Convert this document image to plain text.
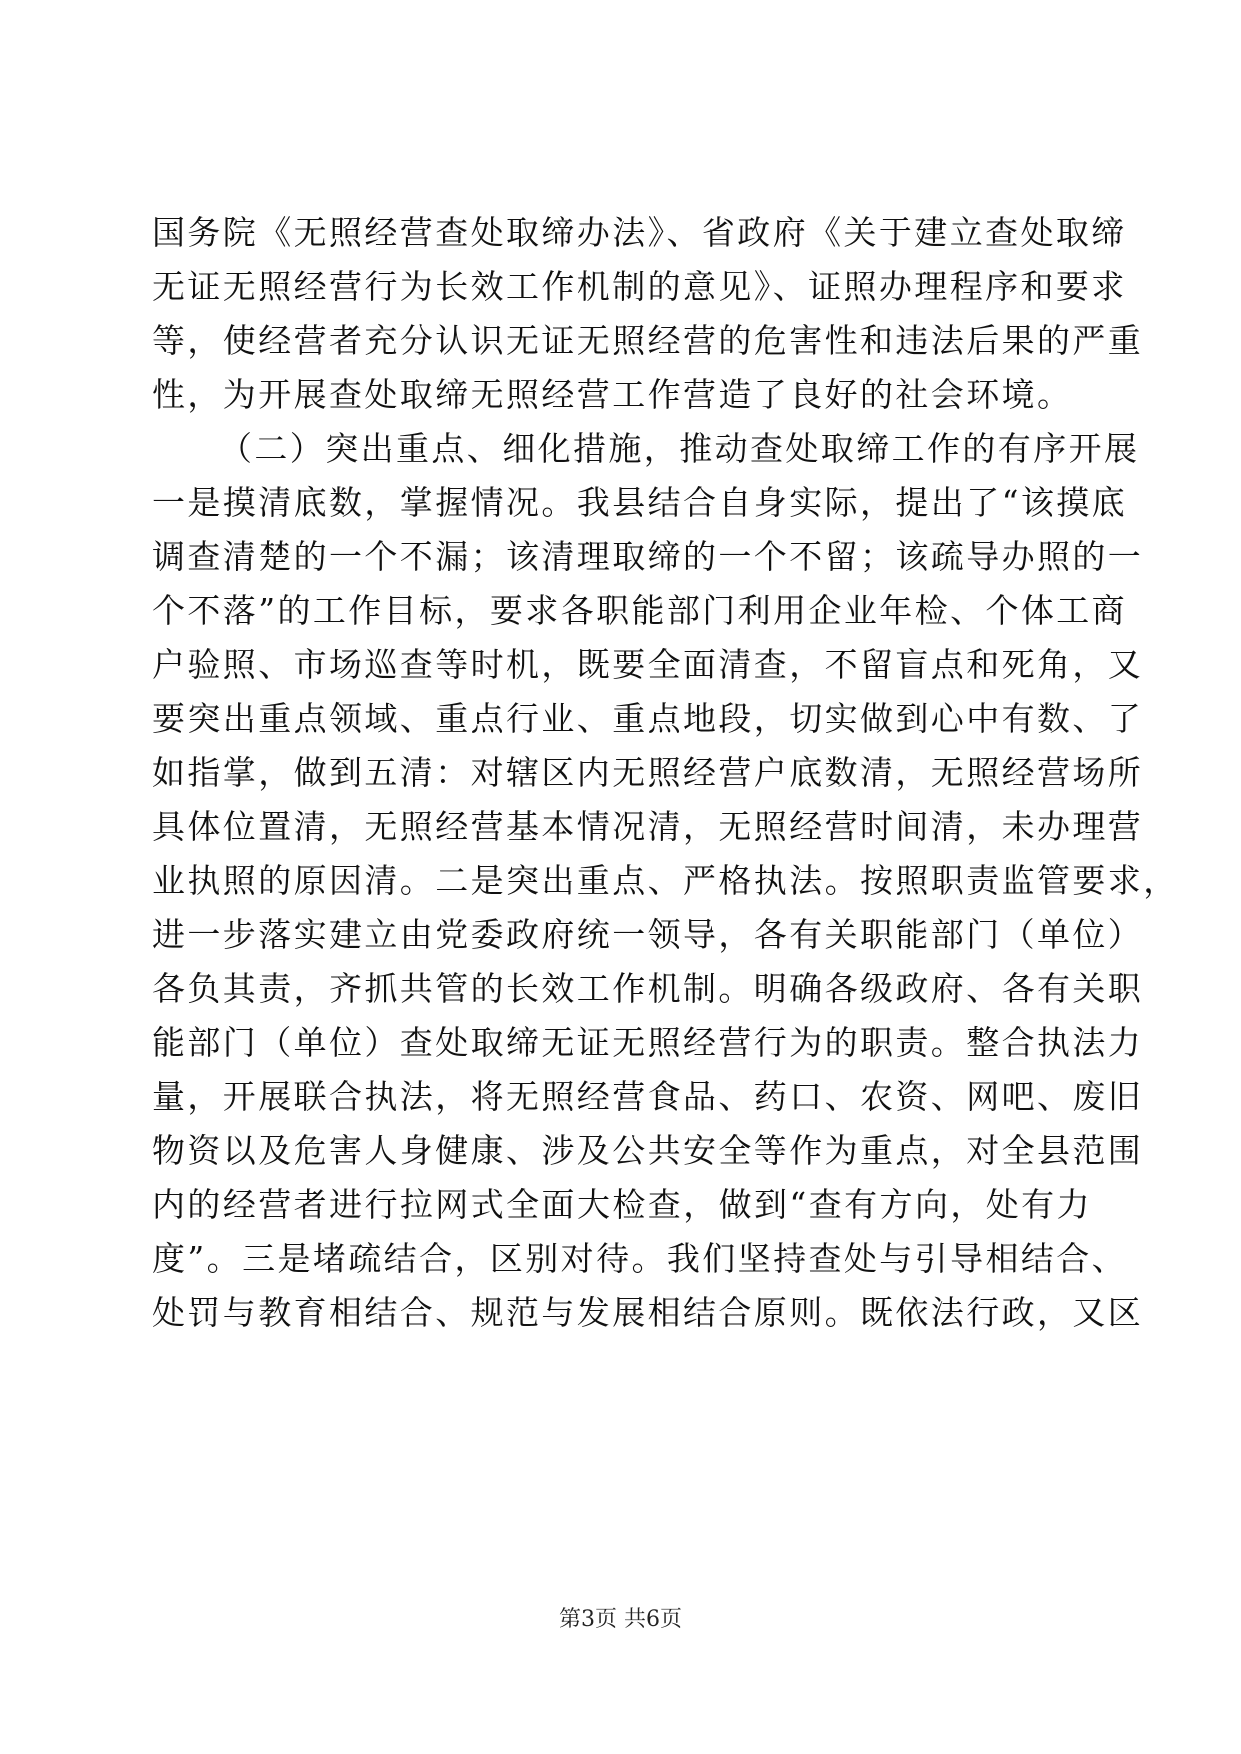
国务院《无照经营查处取缔办法》、省政府《关于建立查处取缔
无证无照经营行为长效工作机制的意见》、证照办理程序和要求
等，使经营者充分认识无证无照经营的危害性和违法后果的严重
性，为开展查处取缔无照经营工作营造了良好的社会环境。
（二）突出重点、细化措施，推动查处取缔工作的有序开展
一是摸清底数，掌握情况。我县结合自身实际，提出了“该摸底
调查清楚的一个不漏；该清理取缔的一个不留；该疏导办照的一
个不落”的工作目标，要求各职能部门利用企业年检、个体工商
户验照、市场巡查等时机，既要全面清查，不留盲点和死角，又
要突出重点领域、重点行业、重点地段，切实做到心中有数、了
如指掌，做到五清：对辖区内无照经营户底数清，无照经营场所
具体位置清，无照经营基本情况清，无照经营时间清，未办理营
业执照的原因清。二是突出重点、严格执法。按照职责监管要求，
进一步落实建立由党委政府统一领导，各有关职能部门（单位）
各负其责，齐抓共管的长效工作机制。明确各级政府、各有关职
能部门（单位）查处取缔无证无照经营行为的职责。整合执法力
量，开展联合执法，将无照经营食品、药口、农资、网吧、废旧
物资以及危害人身健康、涉及公共安全等作为重点，对全县范围
内的经营者进行拉网式全面大检查，做到“查有方向，处有力
度”。三是堵疏结合，区别对待。我们坚持查处与引导相结合、
处罚与教育相结合、规范与发展相结合原则。既依法行政，又区
第3页 共6页
